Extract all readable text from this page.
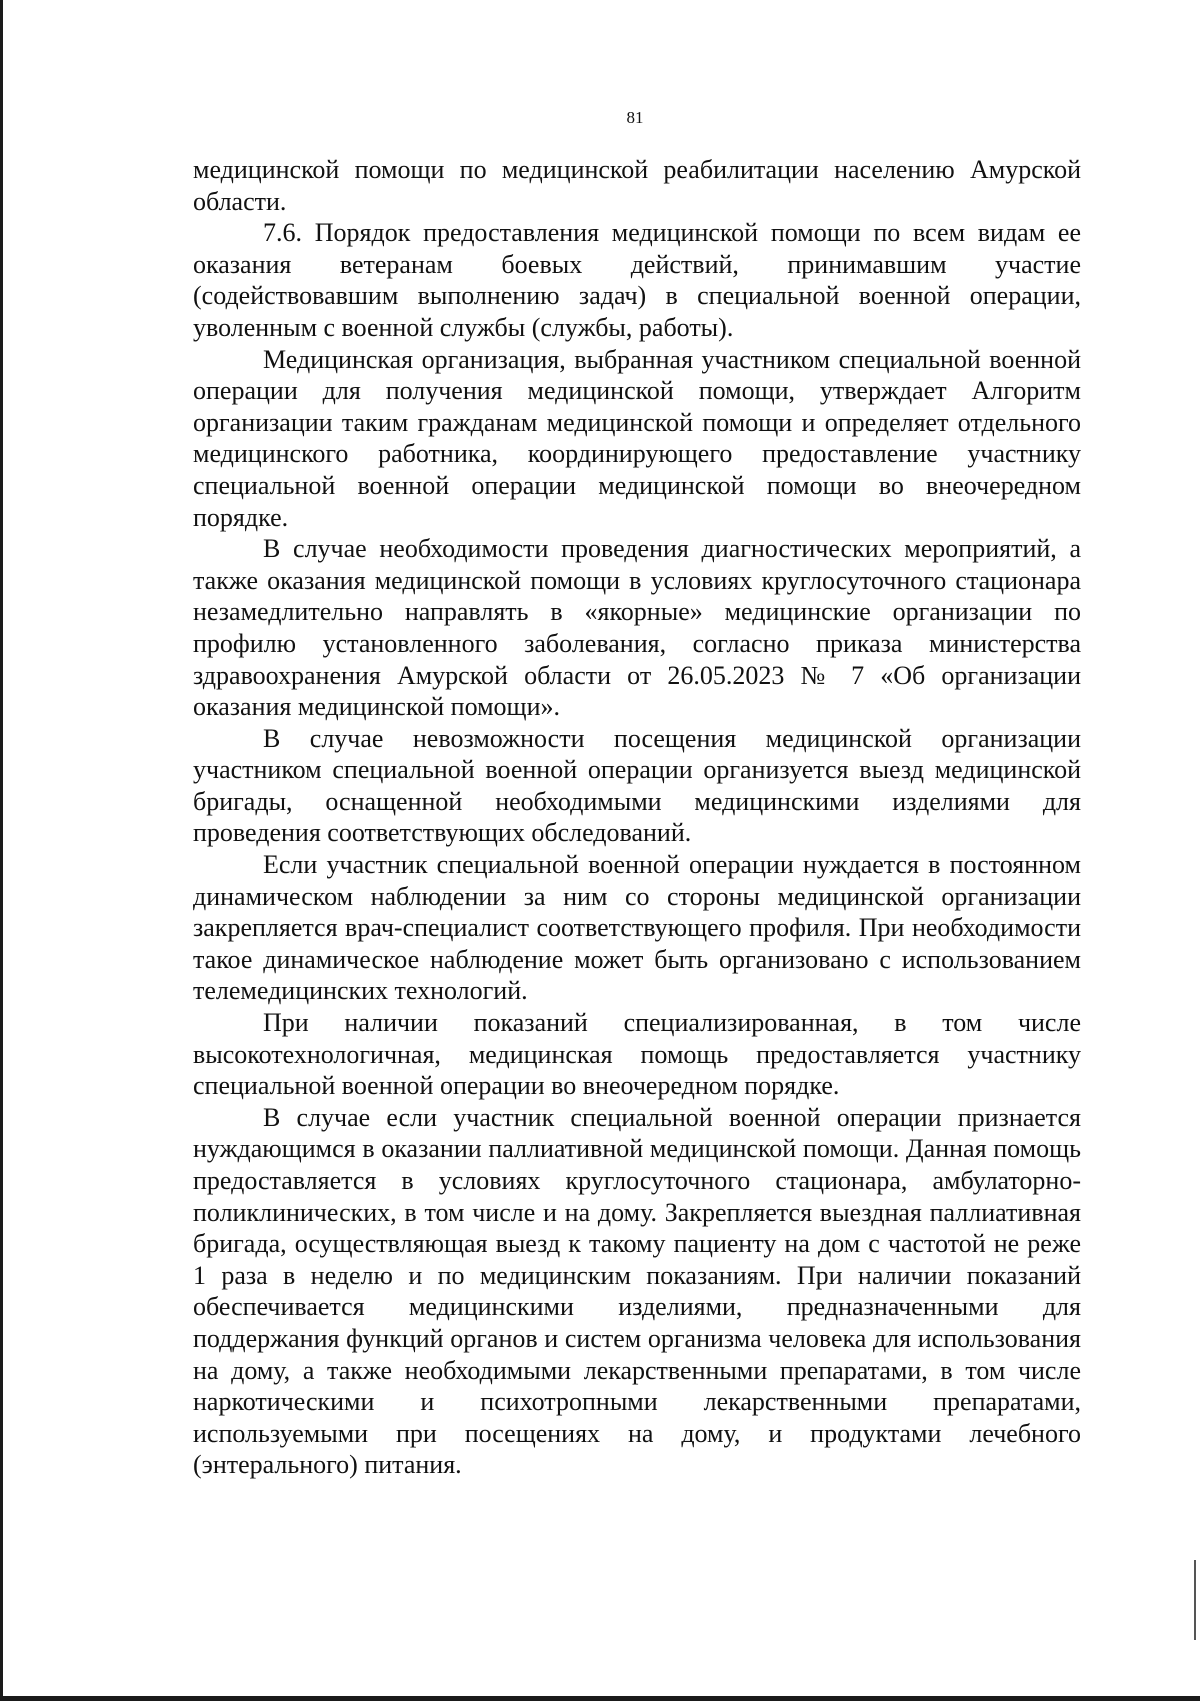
81

медицинской помощи по медицинской реабилитации населению Амурской области.

7.6. Порядок предоставления медицинской помощи по всем видам ее оказания ветеранам боевых действий, принимавшим участие (содействовавшим выполнению задач) в специальной военной операции, уволенным с военной службы (службы, работы).

Медицинская организация, выбранная участником специальной военной операции для получения медицинской помощи, утверждает Алгоритм организации таким гражданам медицинской помощи и определяет отдельного медицинского работника, координирующего предоставление участнику специальной военной операции медицинской помощи во внеочередном порядке.

В случае необходимости проведения диагностических мероприятий, а также оказания медицинской помощи в условиях круглосуточного стационара незамедлительно направлять в «якорные» медицинские организации по профилю установленного заболевания, согласно приказа министерства здравоохранения Амурской области от 26.05.2023 № 7 «Об организации оказания медицинской помощи».

В случае невозможности посещения медицинской организации участником специальной военной операции организуется выезд медицинской бригады, оснащенной необходимыми медицинскими изделиями для проведения соответствующих обследований.

Если участник специальной военной операции нуждается в постоянном динамическом наблюдении за ним со стороны медицинской организации закрепляется врач-специалист соответствующего профиля. При необходимости такое динамическое наблюдение может быть организовано с использованием телемедицинских технологий.

При наличии показаний специализированная, в том числе высокотехнологичная, медицинская помощь предоставляется участнику специальной военной операции во внеочередном порядке.

В случае если участник специальной военной операции признается нуждающимся в оказании паллиативной медицинской помощи. Данная помощь предоставляется в условиях круглосуточного стационара, амбулаторно-поликлинических, в том числе и на дому. Закрепляется выездная паллиативная бригада, осуществляющая выезд к такому пациенту на дом с частотой не реже 1 раза в неделю и по медицинским показаниям. При наличии показаний обеспечивается медицинскими изделиями, предназначенными для поддержания функций органов и систем организма человека для использования на дому, а также необходимыми лекарственными препаратами, в том числе наркотическими и психотропными лекарственными препаратами, используемыми при посещениях на дому, и продуктами лечебного (энтерального) питания.
